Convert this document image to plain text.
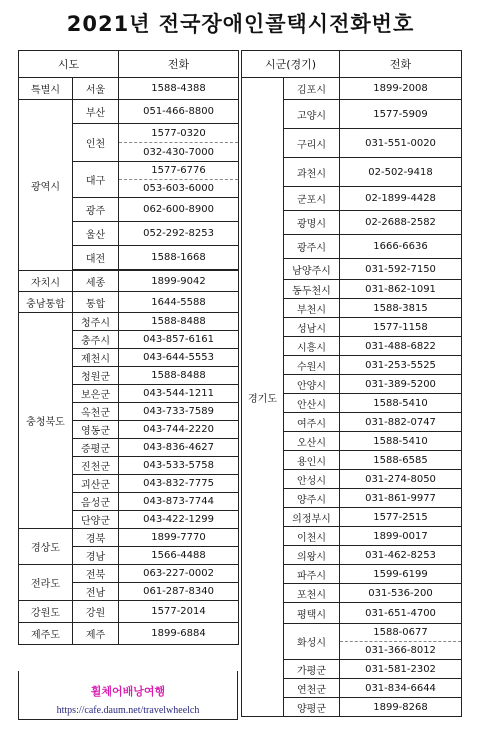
2021년 전국장애인콜택시전화번호
시도		전화
특별시	서울	1588-4388
광역시	부산	051-466-8800
	인천	1577-0320
		032-430-7000
	대구	1577-6776
		053-603-6000
	광주	062-600-8900
	울산	052-292-8253
	대전	1588-1668

자치시	세종	1899-9042
충남통합	통합	1644-5588
충청북도	청주시	1588-8488
	충주시	043-857-6161
	제천시	043-644-5553
	청원군	1588-8488
	보은군	043-544-1211
	옥천군	043-733-7589
	영동군	043-744-2220
	증평군	043-836-4627
	진천군	043-533-5758
	괴산군	043-832-7775
	음성군	043-873-7744
	단양군	043-422-1299
경상도	경북	1899-7770
	경남	1566-4488
전라도	전북	063-227-0002
	전남	061-287-8340
강원도	강원	1577-2014
제주도	제주	1899-6884
휠체어배낭여행
https://cafe.daum.net/travelwheelch
시군(경기)		전화
경기도	김포시	1899-2008
	고양시	1577-5909
	구리시	031-551-0020
	과천시	02-502-9418
	군포시	02-1899-4428
	광명시	02-2688-2582
	광주시	1666-6636
	남양주시	031-592-7150
	동두천시	031-862-1091
	부천시	1588-3815
	성남시	1577-1158
	시흥시	031-488-6822
	수원시	031-253-5525
	안양시	031-389-5200
	안산시	1588-5410
	여주시	031-882-0747
	오산시	1588-5410
	용인시	1588-6585
	안성시	031-274-8050
	양주시	031-861-9977
	의정부시	1577-2515
	이천시	1899-0017
	의왕시	031-462-8253
	파주시	1599-6199
	포천시	031-536-200
	평택시	031-651-4700
	화성시	1588-0677
		031-366-8012
	가평군	031-581-2302
	연천군	031-834-6644
	양평군	1899-8268
